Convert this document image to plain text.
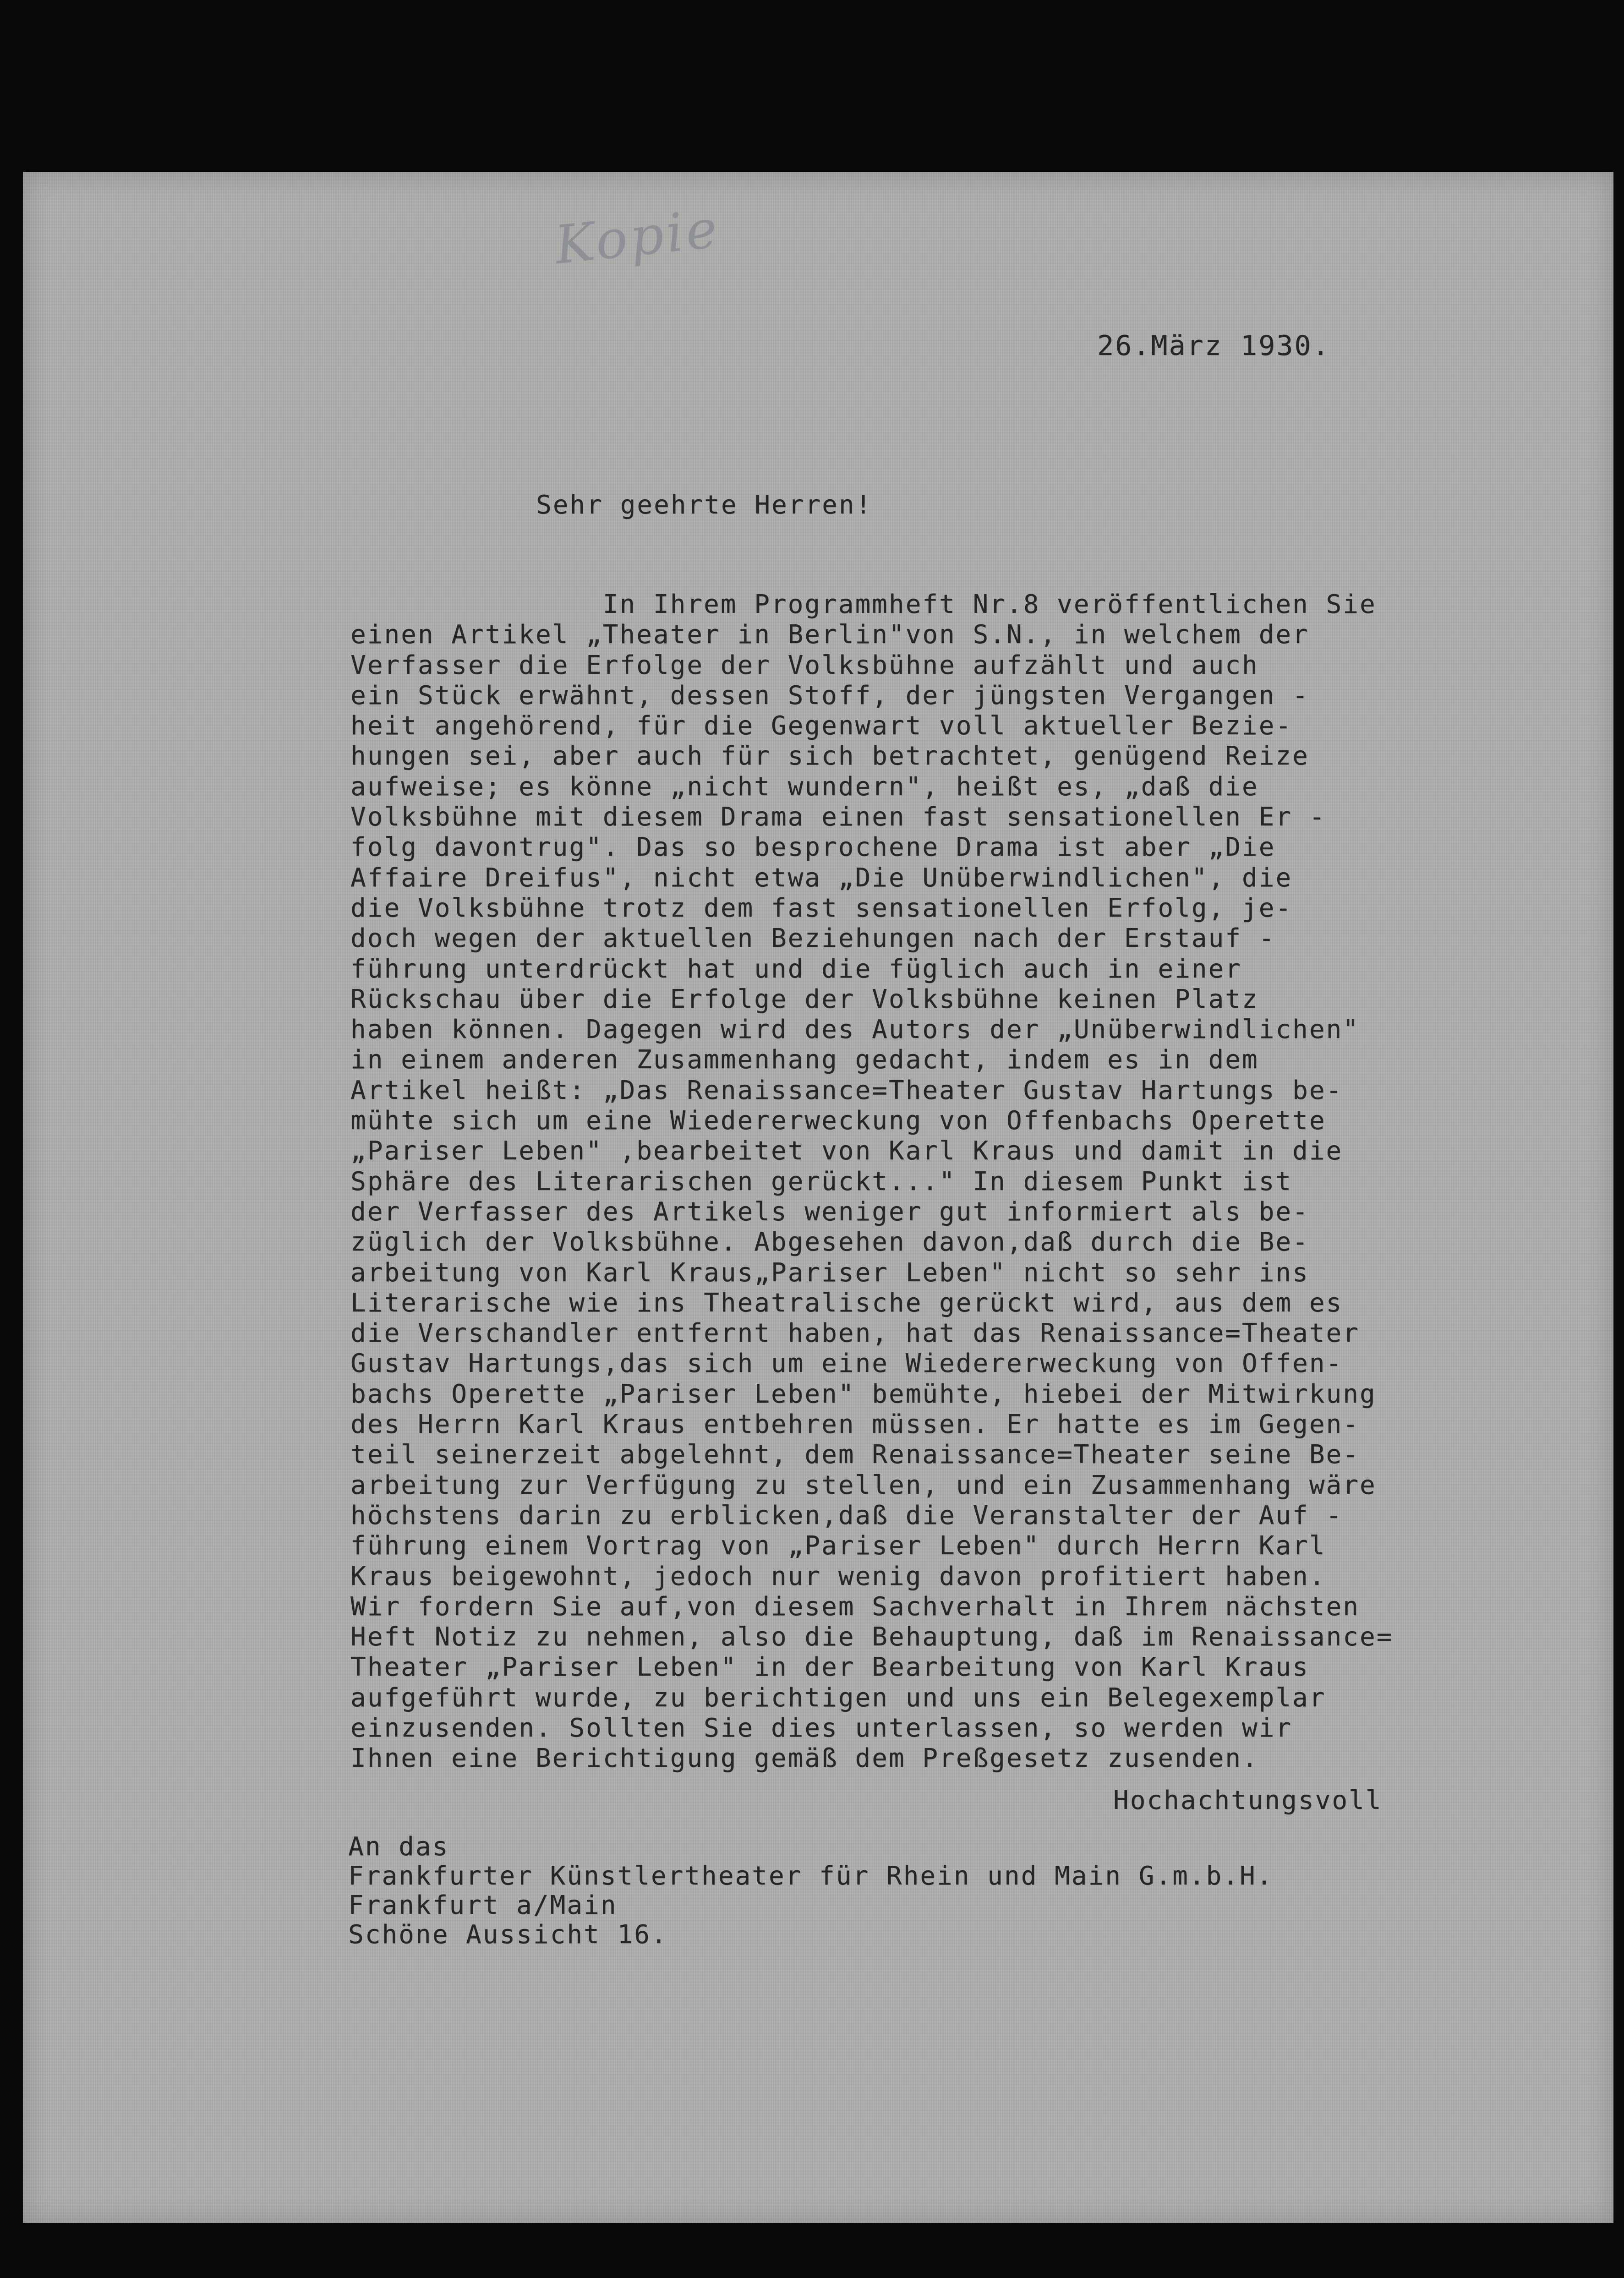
Kopie
26.März 1930.
Sehr geehrte Herren!
In Ihrem Programmheft Nr.8 veröffentlichen Sie
einen Artikel „Theater in Berlin"von S.N., in welchem der
Verfasser die Erfolge der Volksbühne aufzählt und auch
ein Stück erwähnt, dessen Stoff, der jüngsten Vergangen -
heit angehörend, für die Gegenwart voll aktueller Bezie-
hungen sei, aber auch für sich betrachtet, genügend Reize
aufweise; es könne „nicht wundern", heißt es, „daß die
Volksbühne mit diesem Drama einen fast sensationellen Er -
folg davontrug". Das so besprochene Drama ist aber „Die
Affaire Dreifus", nicht etwa „Die Unüberwindlichen", die
die Volksbühne trotz dem fast sensationellen Erfolg, je-
doch wegen der aktuellen Beziehungen nach der Erstauf -
führung unterdrückt hat und die füglich auch in einer
Rückschau über die Erfolge der Volksbühne keinen Platz
haben können. Dagegen wird des Autors der „Unüberwindlichen"
in einem anderen Zusammenhang gedacht, indem es in dem
Artikel heißt: „Das Renaissance=Theater Gustav Hartungs be-
mühte sich um eine Wiedererweckung von Offenbachs Operette
„Pariser Leben" ,bearbeitet von Karl Kraus und damit in die
Sphäre des Literarischen gerückt..." In diesem Punkt ist
der Verfasser des Artikels weniger gut informiert als be-
züglich der Volksbühne. Abgesehen davon,daß durch die Be-
arbeitung von Karl Kraus„Pariser Leben" nicht so sehr ins
Literarische wie ins Theatralische gerückt wird, aus dem es
die Verschandler entfernt haben, hat das Renaissance=Theater
Gustav Hartungs,das sich um eine Wiedererweckung von Offen-
bachs Operette „Pariser Leben" bemühte, hiebei der Mitwirkung
des Herrn Karl Kraus entbehren müssen. Er hatte es im Gegen-
teil seinerzeit abgelehnt, dem Renaissance=Theater seine Be-
arbeitung zur Verfügung zu stellen, und ein Zusammenhang wäre
höchstens darin zu erblicken,daß die Veranstalter der Auf -
führung einem Vortrag von „Pariser Leben" durch Herrn Karl
Kraus beigewohnt, jedoch nur wenig davon profitiert haben.
Wir fordern Sie auf,von diesem Sachverhalt in Ihrem nächsten
Heft Notiz zu nehmen, also die Behauptung, daß im Renaissance=
Theater „Pariser Leben" in der Bearbeitung von Karl Kraus
aufgeführt wurde, zu berichtigen und uns ein Belegexemplar
einzusenden. Sollten Sie dies unterlassen, so werden wir
Ihnen eine Berichtigung gemäß dem Preßgesetz zusenden.
Hochachtungsvoll
An das
Frankfurter Künstlertheater für Rhein und Main G.m.b.H.
Frankfurt a/Main
Schöne Aussicht 16.
